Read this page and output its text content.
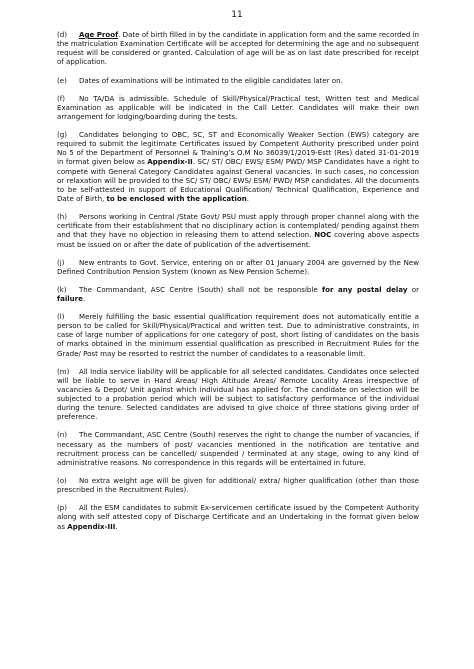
11

(d) Age Proof. Date of birth filled in by the candidate in application form and the same recorded in the matriculation Examination Certificate will be accepted for determining the age and no subsequent request will be considered or granted. Calculation of age will be as on last date prescribed for receipt of application.

(e) Dates of examinations will be intimated to the eligible candidates later on.

(f) No TA/DA is admissible. Schedule of Skill/Physical/Practical test, Written test and Medical Examination as applicable will be indicated in the Call Letter. Candidates will make their own arrangement for lodging/boarding during the tests.

(g) Candidates belonging to OBC, SC, ST and Economically Weaker Section (EWS) category are required to submit the legitimate Certificates issued by Competent Authority prescribed under point No 5 of the Department of Personnel & Training’s O.M No 36039/1/2019-Estt (Res) dated 31-01-2019 in format given below as Appendix-II. SC/ ST/ OBC/ EWS/ ESM/ PWD/ MSP Candidates have a right to compete with General Category Candidates against General vacancies. In such cases, no concession or relaxation will be provided to the SC/ ST/ OBC/ EWS/ ESM/ PWD/ MSP candidates. All the documents to be self-attested in support of Educational Qualification/ Technical Qualification, Experience and Date of Birth, to be enclosed with the application.

(h) Persons working in Central /State Govt/ PSU must apply through proper channel along with the certificate from their establishment that no disciplinary action is contemplated/ pending against them and that they have no objection in releasing them to attend selection. NOC covering above aspects must be issued on or after the date of publication of the advertisement.

(j) New entrants to Govt. Service, entering on or after 01 January 2004 are governed by the New Defined Contribution Pension System (known as New Pension Scheme).

(k) The Commandant, ASC Centre (South) shall not be responsible for any postal delay or failure.

(l) Merely fulfilling the basic essential qualification requirement does not automatically entitle a person to be called for Skill/Physical/Practical and written test. Due to administrative constraints, in case of large number of applications for one category of post, short listing of candidates on the basis of marks obtained in the minimum essential qualification as prescribed in Recruitment Rules for the Grade/ Post may be resorted to restrict the number of candidates to a reasonable limit.

(m) All India service liability will be applicable for all selected candidates. Candidates once selected will be liable to serve in Hard Areas/ High Altitude Areas/ Remote Locality Areas irrespective of vacancies & Depot/ Unit against which individual has applied for. The candidate on selection will be subjected to a probation period which will be subject to satisfactory performance of the individual during the tenure. Selected candidates are advised to give choice of three stations giving order of preference.

(n) The Commandant, ASC Centre (South) reserves the right to change the number of vacancies, if necessary as the numbers of post/ vacancies mentioned in the notification are tentative and recruitment process can be cancelled/ suspended / terminated at any stage, owing to any kind of administrative reasons. No correspondence in this regards will be entertained in future.

(o) No extra weight age will be given for additional/ extra/ higher qualification (other than those prescribed in the Recruitment Rules).

(p) All the ESM candidates to submit Ex-servicemen certificate issued by the Competent Authority along with self attested copy of Discharge Certificate and an Undertaking in the format given below as Appendix-III.
